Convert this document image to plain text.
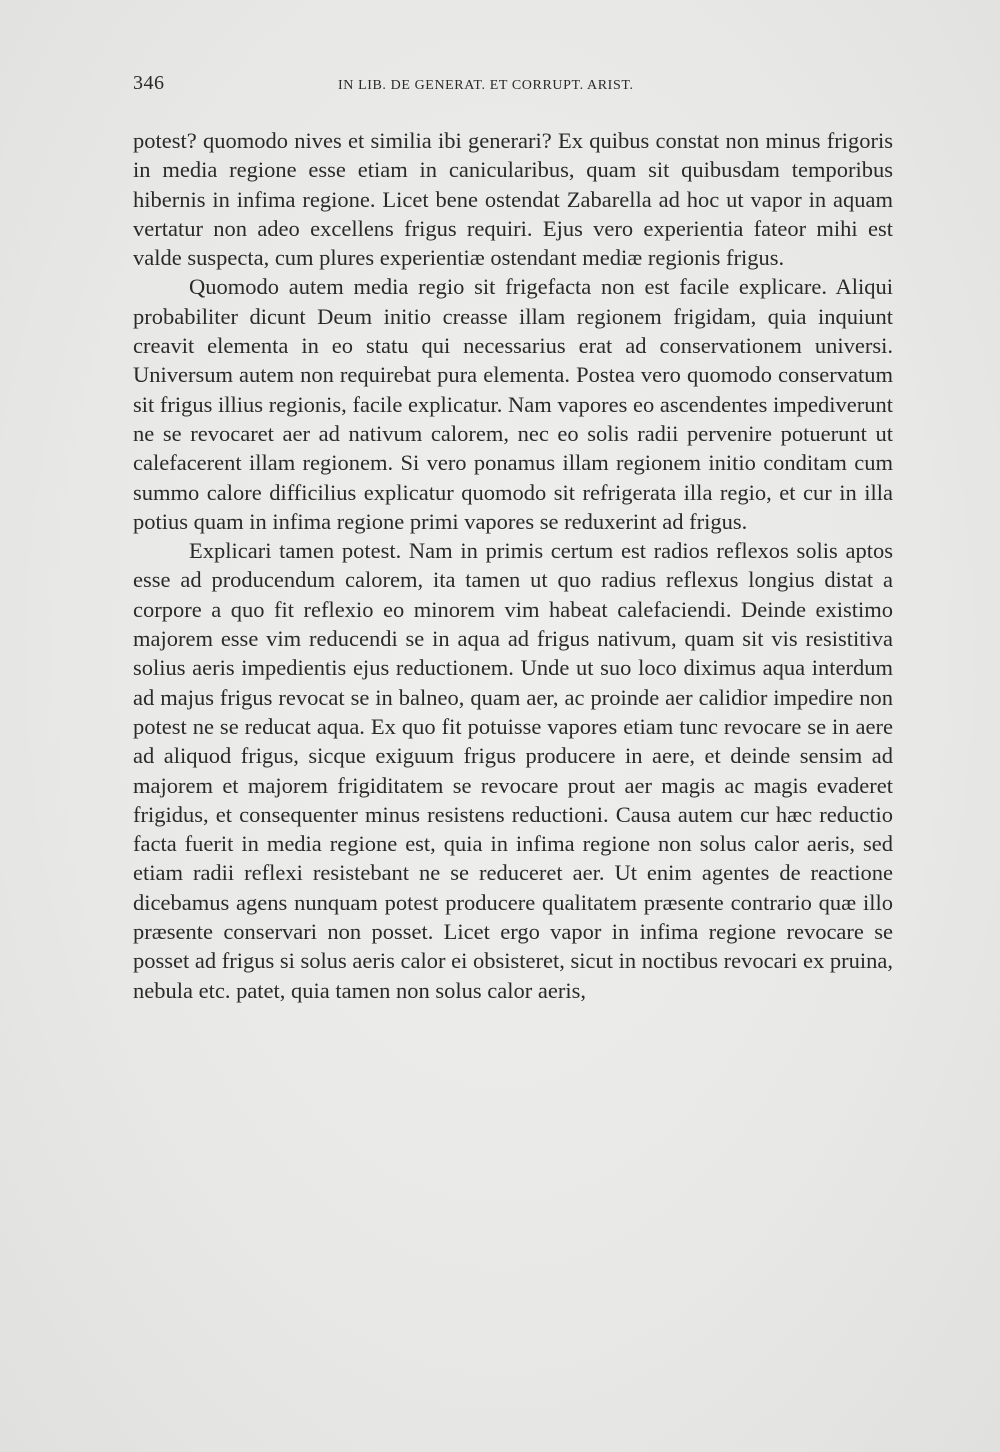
346	IN LIB. DE GENERAT. ET CORRUPT. ARIST.

potest? quomodo nives et similia ibi generari? Ex quibus constat non minus frigoris in media regione esse etiam in canicularibus, quam sit quibusdam temporibus hibernis in infima regione. Licet bene ostendat Zabarella ad hoc ut vapor in aquam vertatur non adeo excellens frigus requiri. Ejus vero experientia fateor mihi est valde suspecta, cum plures experientiæ ostendant mediæ regionis frigus.

Quomodo autem media regio sit frigefacta non est facile explicare. Aliqui probabiliter dicunt Deum initio creasse illam regionem frigidam, quia inquiunt creavit elementa in eo statu qui necessarius erat ad conservationem universi. Universum autem non requirebat pura elementa. Postea vero quomodo conservatum sit frigus illius regionis, facile explicatur. Nam vapores eo ascendentes impediverunt ne se revocaret aer ad nativum calorem, nec eo solis radii pervenire potuerunt ut calefacerent illam regionem. Si vero ponamus illam regionem initio conditam cum summo calore difficilius explicatur quomodo sit refrigerata illa regio, et cur in illa potius quam in infima regione primi vapores se reduxerint ad frigus.

Explicari tamen potest. Nam in primis certum est radios reflexos solis aptos esse ad producendum calorem, ita tamen ut quo radius reflexus longius distat a corpore a quo fit reflexio eo minorem vim habeat calefaciendi. Deinde existimo majorem esse vim reducendi se in aqua ad frigus nativum, quam sit vis resistitiva solius aeris impedientis ejus reductionem. Unde ut suo loco diximus aqua interdum ad majus frigus revocat se in balneo, quam aer, ac proinde aer calidior impedire non potest ne se reducat aqua. Ex quo fit potuisse vapores etiam tunc revocare se in aere ad aliquod frigus, sicque exiguum frigus producere in aere, et deinde sensim ad majorem et majorem frigiditatem se revocare prout aer magis ac magis evaderet frigidus, et consequenter minus resistens reductioni. Causa autem cur hæc reductio facta fuerit in media regione est, quia in infima regione non solus calor aeris, sed etiam radii reflexi resistebant ne se reduceret aer. Ut enim agentes de reactione dicebamus agens nunquam potest producere qualitatem præsente contrario quæ illo præsente conservari non posset. Licet ergo vapor in infima regione revocare se posset ad frigus si solus aeris calor ei obsisteret, sicut in noctibus revocari ex pruina, nebula etc. patet, quia tamen non solus calor aeris,
